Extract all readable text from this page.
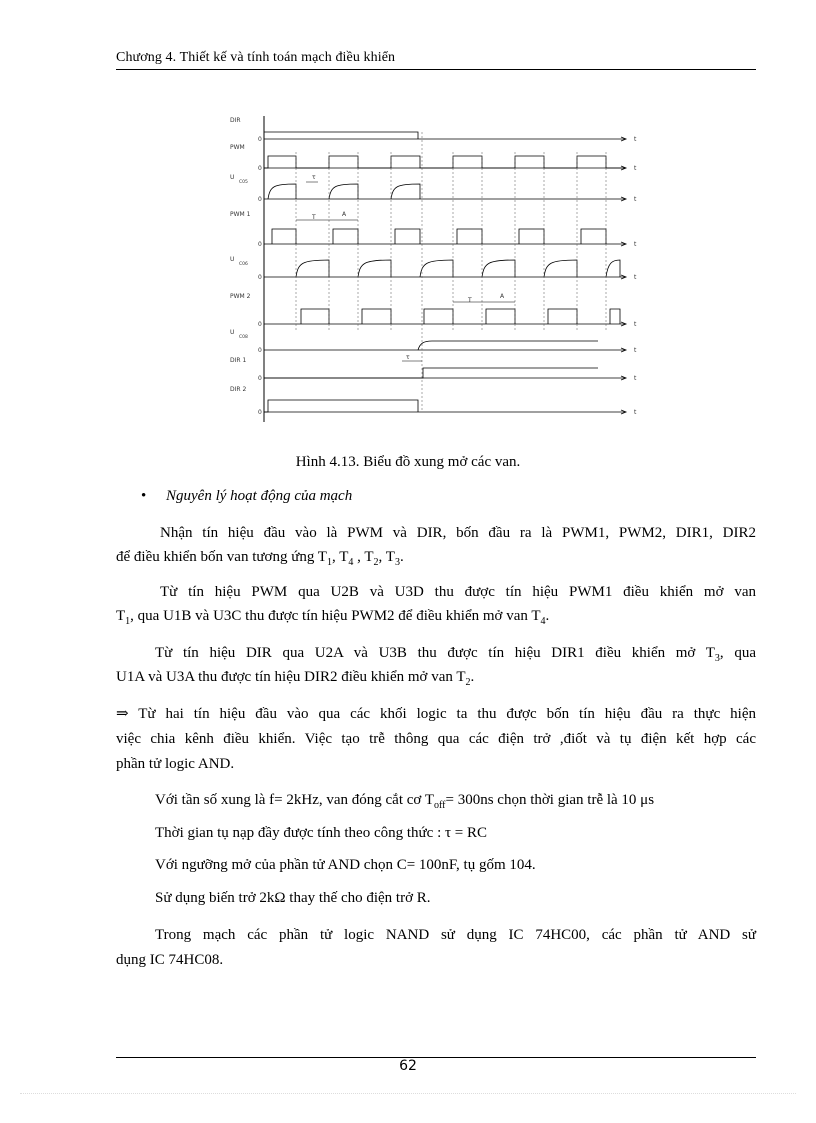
Chương 4. Thiết kế và tính toán mạch điều khiển
DIR
0	t
PWM
0	t
U
C05
0	t
PWM 1
0	t
U
C06
0	t
PWM 2
0	t
U
C08
0	t
DIR 1
0	t
DIR 2
0	t
τ
T	A
T
A
τ
Hình 4.13. Biểu đồ xung mở các van.
• Nguyên lý hoạt động của mạch
Nhận tín hiệu đầu vào là PWM và DIR, bốn đầu ra là PWM1, PWM2, DIR1, DIR2
để điều khiển bốn van tương ứng $T_1$, $T_4$ , $T_2$, $T_3$.
Từ tín hiệu PWM qua U2B và U3D thu được tín hiệu PWM1 điều khiển mở van
$T_1$, qua U1B và U3C thu được tín hiệu PWM2 để điều khiển mở van $T_4$.
Từ tín hiệu DIR qua U2A và U3B thu được tín hiệu DIR1 điều khiển mở $T_3$, qua
U1A và U3A thu được tín hiệu DIR2 điều khiển mở van $T_2$.
⇒ Từ hai tín hiệu đầu vào qua các khối logic ta thu được bốn tín hiệu đầu ra thực hiện
việc chia kênh điều khiển. Việc tạo trễ thông qua các điện trở ,điốt và tụ điện kết hợp các
phần tử logic AND.
Với tần số xung là f= 2kHz, van đóng cắt cơ $T_{off}= 300ns$ chọn thời gian trễ là 10 μs
Thời gian tụ nạp đầy được tính theo công thức : τ = RC
Với ngưỡng mở của phần tử AND chọn C= 100nF, tụ gốm 104.
Sử dụng biến trở 2kΩ thay thế cho điện trở R.
Trong mạch các phần tử logic NAND sử dụng IC 74HC00, các phần tử AND sử
dụng IC 74HC08.
62
